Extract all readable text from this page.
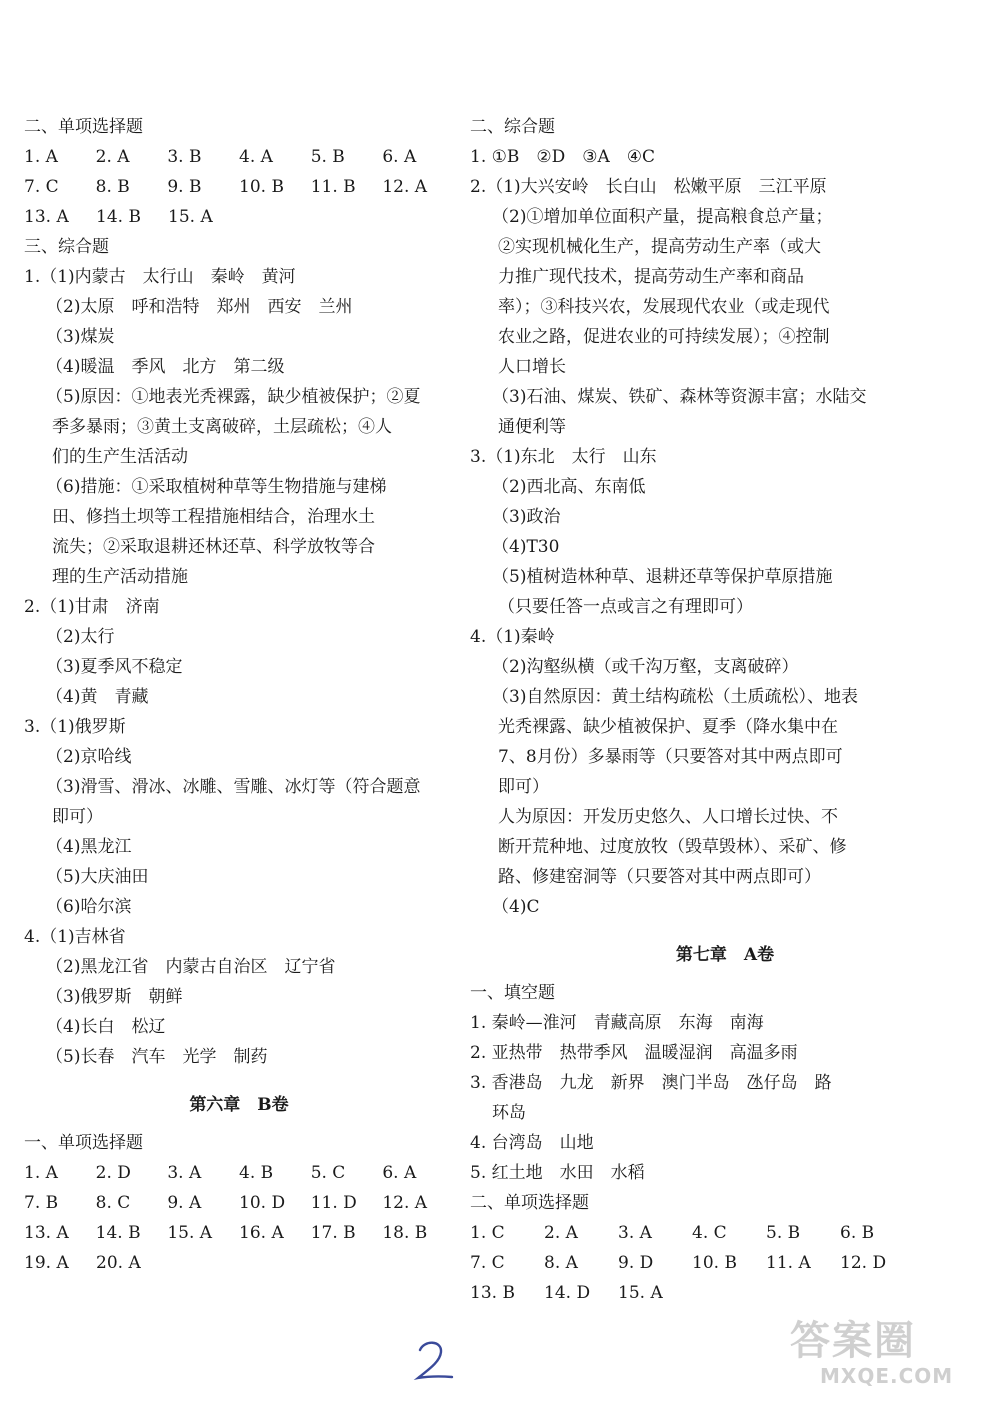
二、单项选择题
1. A	2. A	3. B	4. A	5. B	6. A
7. C	8. B	9. B	10. B	11. B	12. A
13. A	14. B	15. A
三、综合题
1.（1)内蒙古　太行山　秦岭　黄河
（2)太原　呼和浩特　郑州　西安　兰州
（3)煤炭
（4)暖温　季风　北方　第二级
（5)原因：①地表光秃裸露，缺少植被保护；②夏
季多暴雨；③黄土支离破碎，土层疏松；④人
们的生产生活活动
（6)措施：①采取植树种草等生物措施与建梯
田、修挡土坝等工程措施相结合，治理水土
流失；②采取退耕还林还草、科学放牧等合
理的生产活动措施
2.（1)甘肃　济南
（2)太行
（3)夏季风不稳定
（4)黄　青藏
3.（1)俄罗斯
（2)京哈线
（3)滑雪、滑冰、冰雕、雪雕、冰灯等（符合题意
即可）
（4)黑龙江
（5)大庆油田
（6)哈尔滨
4.（1)吉林省
（2)黑龙江省　内蒙古自治区　辽宁省
（3)俄罗斯　朝鲜
（4)长白　松辽
（5)长春　汽车　光学　制药
第六章　B卷
一、单项选择题
1. A	2. D	3. A	4. B	5. C	6. A
7. B	8. C	9. A	10. D	11. D	12. A
13. A	14. B	15. A	16. A	17. B	18. B
19. A	20. A
二、综合题
1. ①B　②D　③A　④C
2.（1)大兴安岭　长白山　松嫩平原　三江平原
（2)①增加单位面积产量，提高粮食总产量；
②实现机械化生产，提高劳动生产率（或大
力推广现代技术，提高劳动生产率和商品
率）；③科技兴农，发展现代农业（或走现代
农业之路，促进农业的可持续发展）；④控制
人口增长
（3)石油、煤炭、铁矿、森林等资源丰富；水陆交
通便利等
3.（1)东北　太行　山东
（2)西北高、东南低
（3)政治
（4)T30
（5)植树造林种草、退耕还草等保护草原措施
（只要任答一点或言之有理即可）
4.（1)秦岭
（2)沟壑纵横（或千沟万壑，支离破碎）
（3)自然原因：黄土结构疏松（土质疏松）、地表
光秃裸露、缺少植被保护、夏季（降水集中在
7、8月份）多暴雨等（只要答对其中两点即可
即可）
人为原因：开发历史悠久、人口增长过快、不
断开荒种地、过度放牧（毁草毁林）、采矿、修
路、修建窑洞等（只要答对其中两点即可）
（4)C
第七章　A卷
一、填空题
1. 秦岭—淮河　青藏高原　东海　南海
2. 亚热带　热带季风　温暖湿润　高温多雨
3. 香港岛　九龙　新界　澳门半岛　氹仔岛　路
环岛
4. 台湾岛　山地
5. 红土地　水田　水稻
二、单项选择题
1. C	2. A	3. A	4. C	5. B	6. B
7. C	8. A	9. D	10. B	11. A	12. D
13. B	14. D	15. A
答案圈
MXQE.COM
